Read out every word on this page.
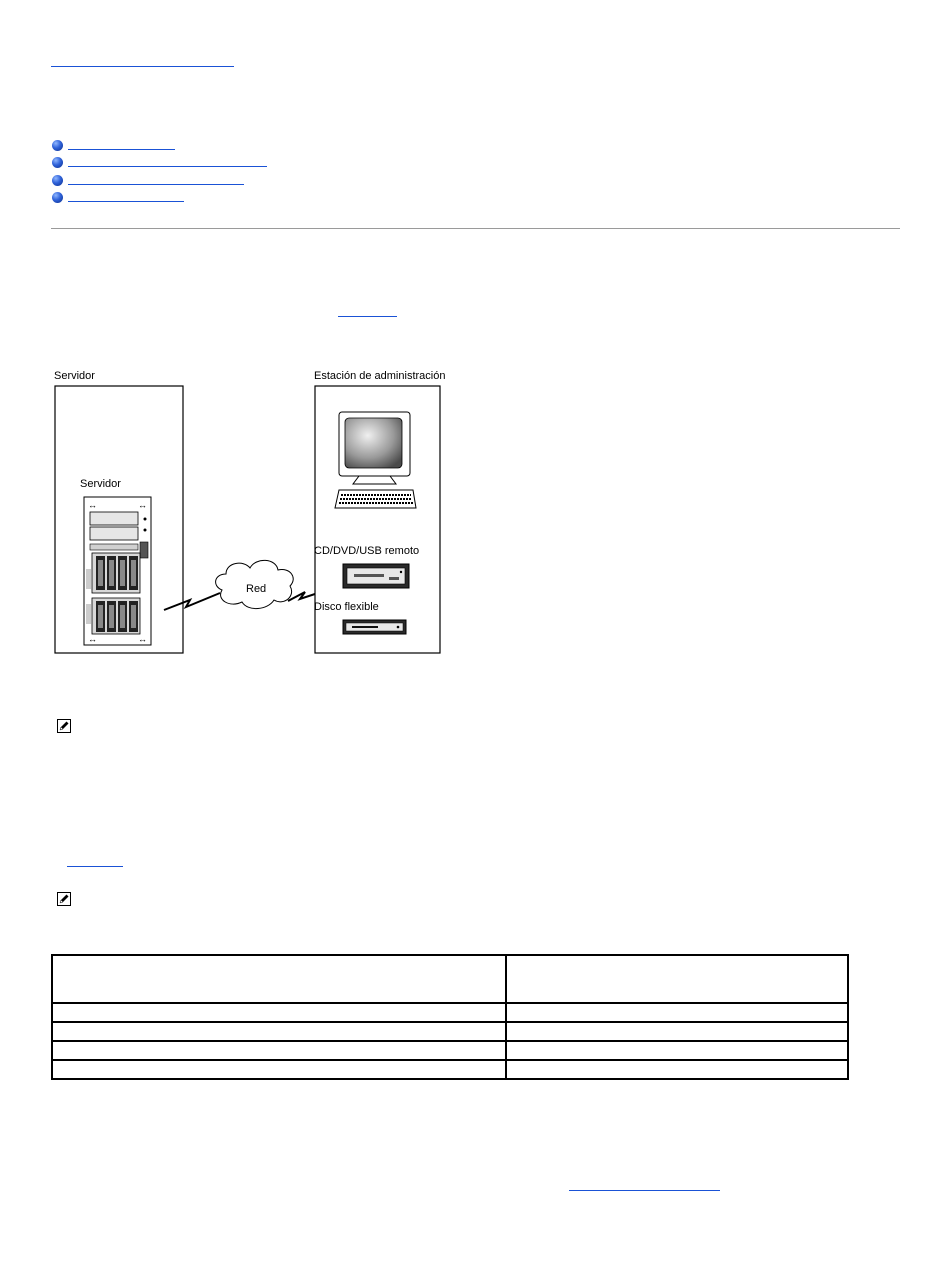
Servidor
Servidor
↔	↔
↔	↔
Red
Estación de administración
CD/DVD/USB remoto
Disco flexible
